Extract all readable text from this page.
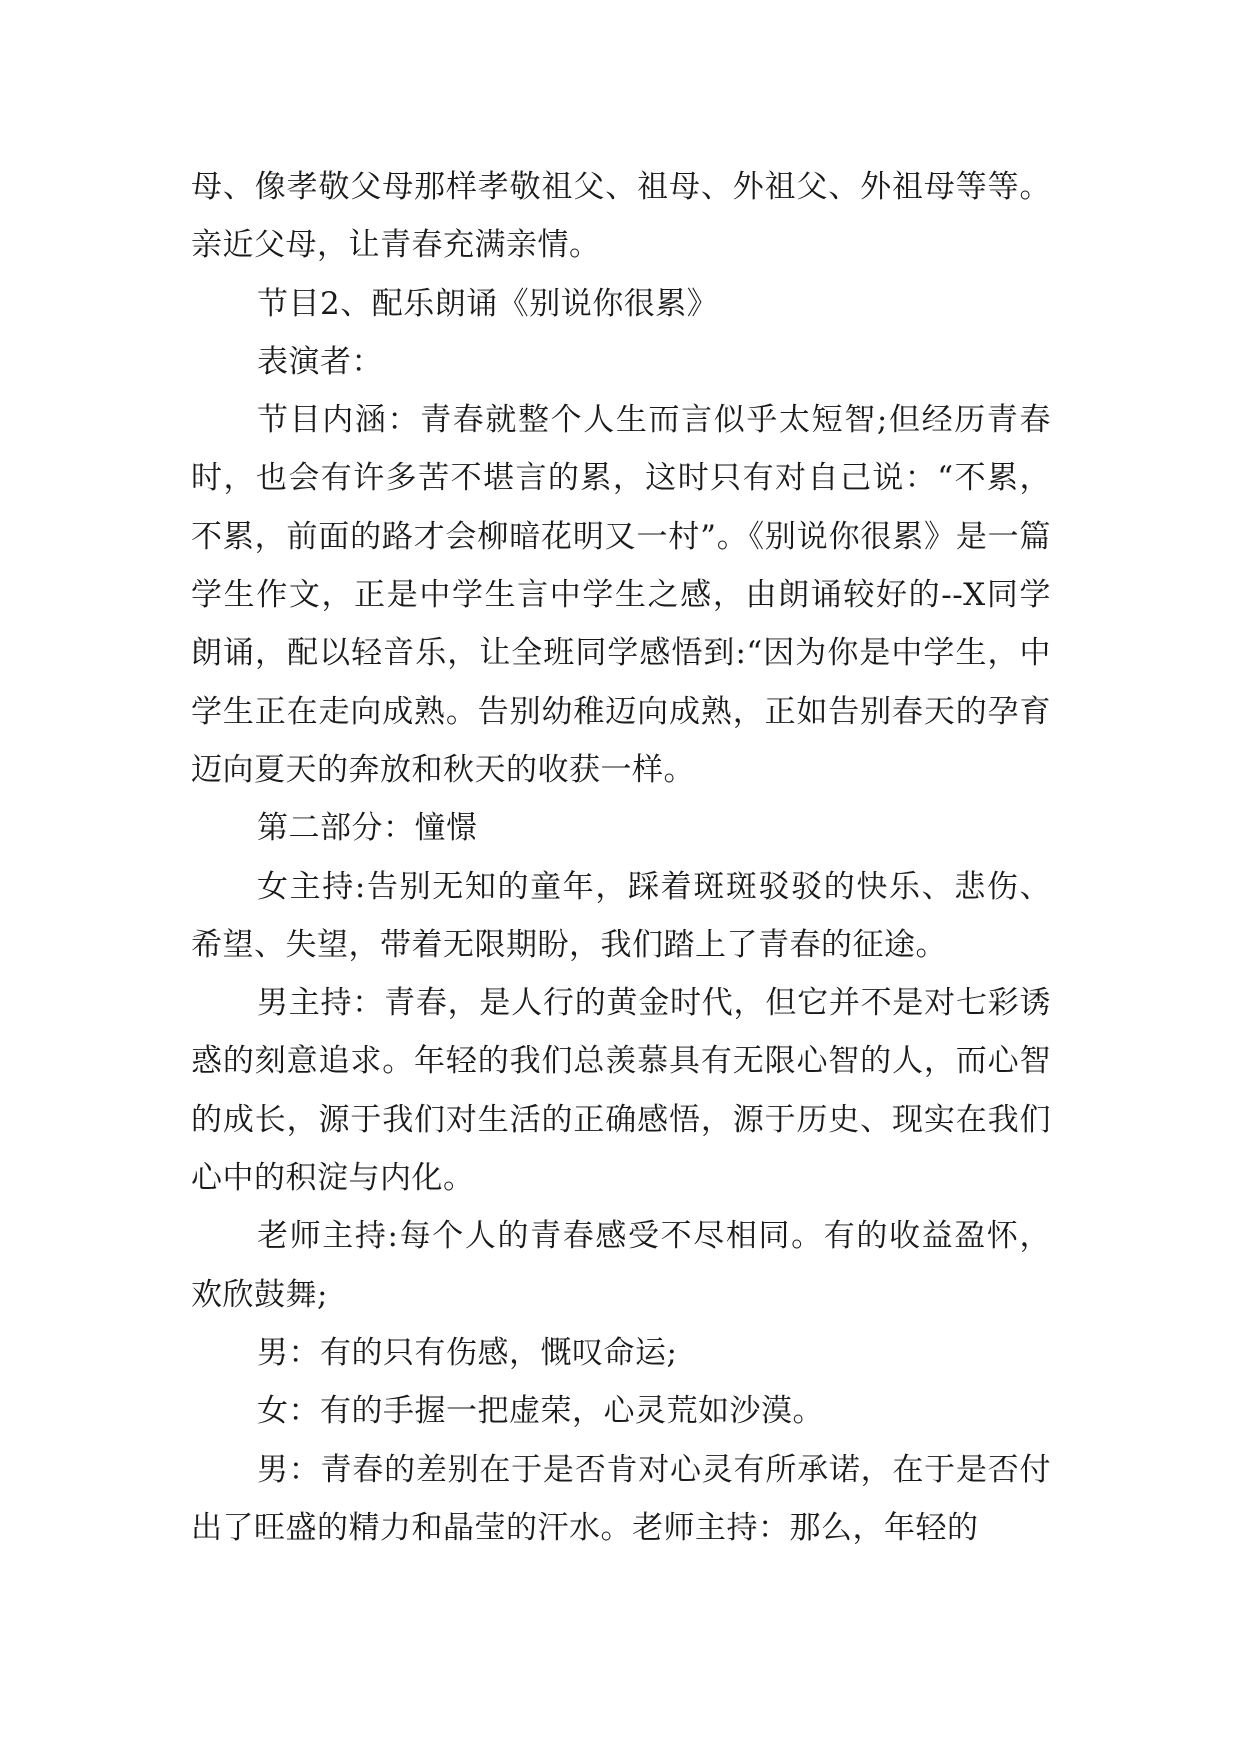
母、像孝敬父母那样孝敬祖父、祖母、外祖父、外祖母等等。亲近父母，让青春充满亲情。

节目2、配乐朗诵《别说你很累》

表演者：

节目内涵：青春就整个人生而言似乎太短智;但经历青春时，也会有许多苦不堪言的累，这时只有对自己说：“不累，不累，前面的路才会柳暗花明又一村”。《别说你很累》是一篇学生作文，正是中学生言中学生之感，由朗诵较好的--X同学朗诵，配以轻音乐，让全班同学感悟到:“因为你是中学生，中学生正在走向成熟。告别幼稚迈向成熟，正如告别春天的孕育迈向夏天的奔放和秋天的收获一样。

第二部分：憧憬

女主持:告别无知的童年，踩着斑斑驳驳的快乐、悲伤、希望、失望，带着无限期盼，我们踏上了青春的征途。

男主持：青春，是人行的黄金时代，但它并不是对七彩诱惑的刻意追求。年轻的我们总羡慕具有无限心智的人，而心智的成长，源于我们对生活的正确感悟，源于历史、现实在我们心中的积淀与内化。

老师主持:每个人的青春感受不尽相同。有的收益盈怀，欢欣鼓舞;

男：有的只有伤感，慨叹命运;

女：有的手握一把虚荣，心灵荒如沙漠。

男：青春的差别在于是否肯对心灵有所承诺，在于是否付出了旺盛的精力和晶莹的汗水。老师主持：那么，年轻的
